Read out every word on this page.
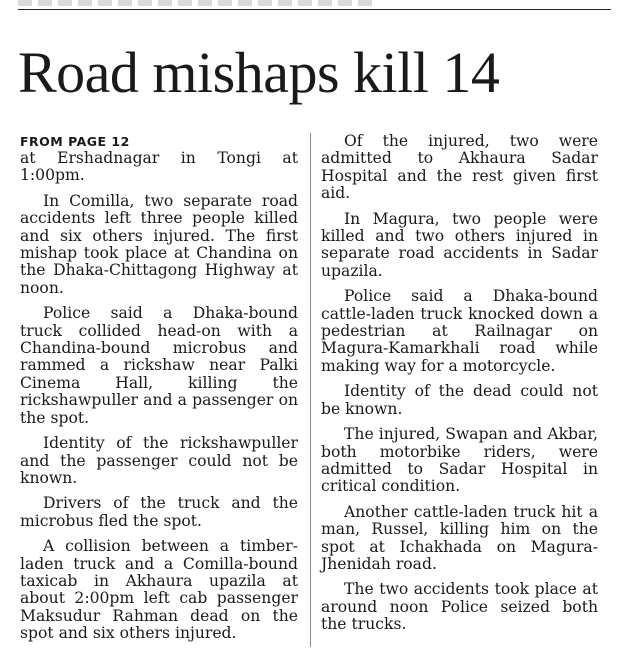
Road mishaps kill 14
FROM PAGE 12

at Ershadnagar in Tongi at 1:00pm.

In Comilla, two separate road accidents left three people killed and six others injured. The first mishap took place at Chandina on the Dhaka-Chittagong Highway at noon.

Police said a Dhaka-bound truck collided head-on with a Chandina-bound microbus and rammed a rickshaw near Palki Cinema Hall, killing the rickshawpuller and a passenger on the spot.

Identity of the rickshawpuller and the passenger could not be known.

Drivers of the truck and the microbus fled the spot.

A collision between a timber-laden truck and a Comilla-bound taxicab in Akhaura upazila at about 2:00pm left cab passenger Maksudur Rahman dead on the spot and six others injured.

Of the injured, two were admitted to Akhaura Sadar Hospital and the rest given first aid.

In Magura, two people were killed and two others injured in separate road accidents in Sadar upazila.

Police said a Dhaka-bound cattle-laden truck knocked down a pedestrian at Railnagar on Magura-Kamarkhali road while making way for a motorcycle.

Identity of the dead could not be known.

The injured, Swapan and Akbar, both motorbike riders, were admitted to Sadar Hospital in critical condition.

Another cattle-laden truck hit a man, Russel, killing him on the spot at Ichakhada on Magura-Jhenidah road.

The two accidents took place at around noon Police seized both the trucks.
